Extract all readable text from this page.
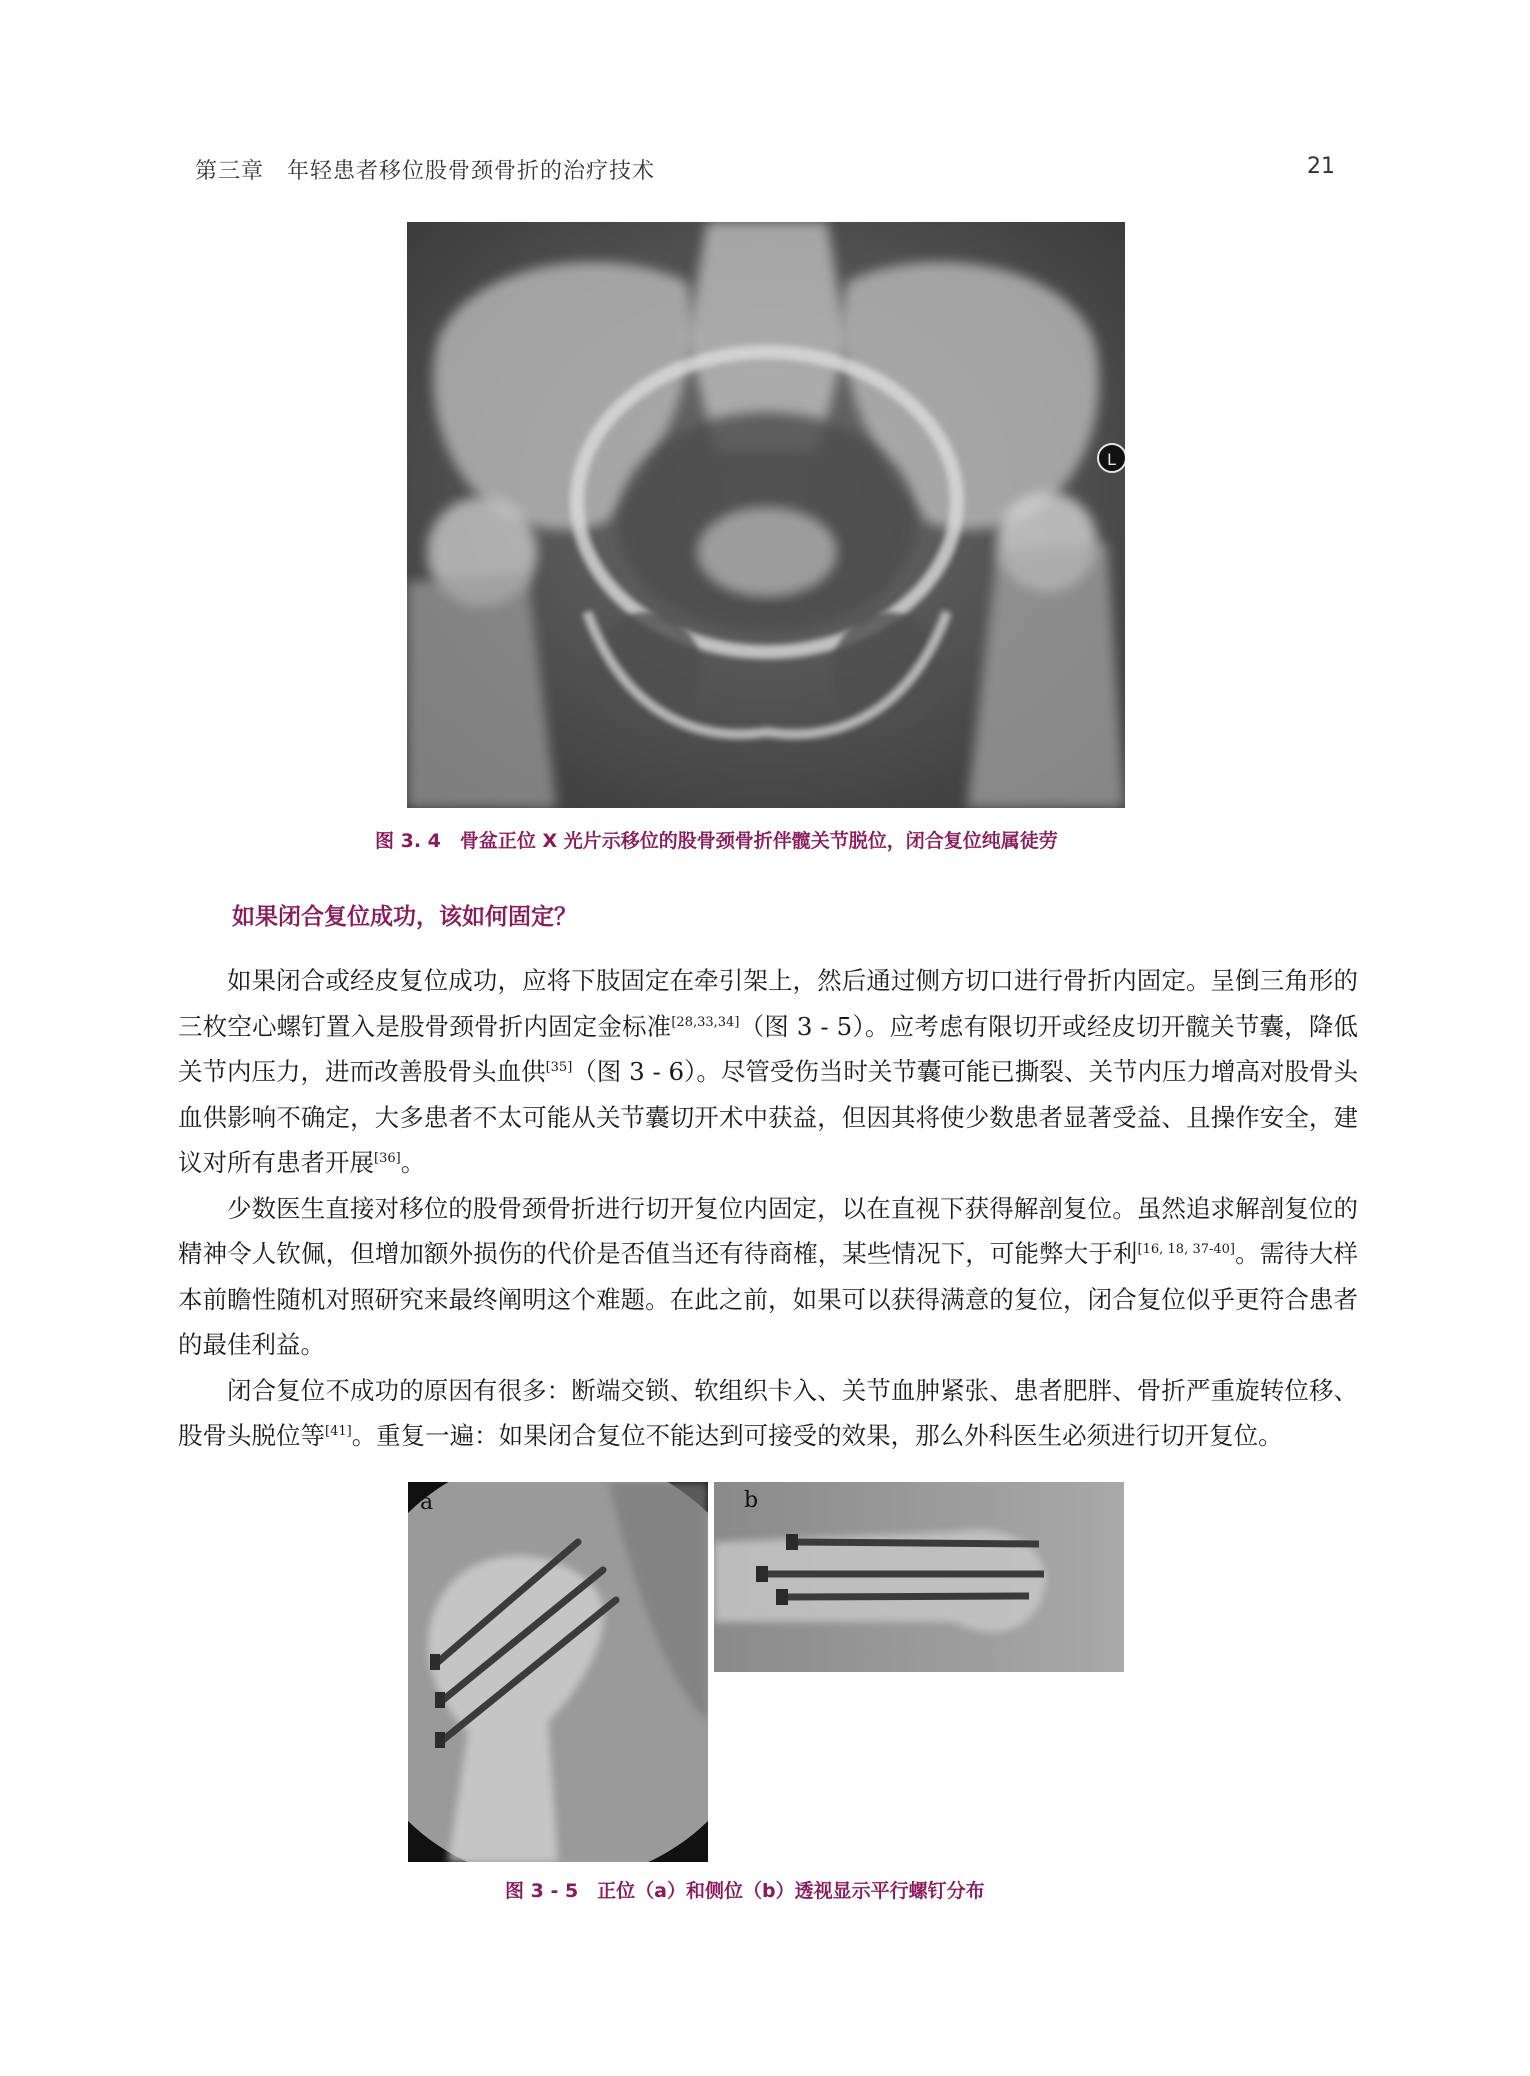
第三章　年轻患者移位股骨颈骨折的治疗技术	21
L
图 3. 4　骨盆正位 X 光片示移位的股骨颈骨折伴髋关节脱位，闭合复位纯属徒劳
如果闭合复位成功，该如何固定？

如果闭合或经皮复位成功，应将下肢固定在牵引架上，然后通过侧方切口进行骨折内固定。呈倒三角形的三枚空心螺钉置入是股骨颈骨折内固定金标准[28,33,34]（图 3 - 5）。应考虑有限切开或经皮切开髋关节囊，降低关节内压力，进而改善股骨头血供[35]（图 3 - 6）。尽管受伤当时关节囊可能已撕裂、关节内压力增高对股骨头血供影响不确定，大多患者不太可能从关节囊切开术中获益，但因其将使少数患者显著受益、且操作安全，建议对所有患者开展[36]。

少数医生直接对移位的股骨颈骨折进行切开复位内固定，以在直视下获得解剖复位。虽然追求解剖复位的精神令人钦佩，但增加额外损伤的代价是否值当还有待商榷，某些情况下，可能弊大于利[16, 18, 37-40]。需待大样本前瞻性随机对照研究来最终阐明这个难题。在此之前，如果可以获得满意的复位，闭合复位似乎更符合患者的最佳利益。

闭合复位不成功的原因有很多：断端交锁、软组织卡入、关节血肿紧张、患者肥胖、骨折严重旋转位移、股骨头脱位等[41]。重复一遍：如果闭合复位不能达到可接受的效果，那么外科医生必须进行切开复位。

a	b
图 3 - 5　正位（a）和侧位（b）透视显示平行螺钉分布
